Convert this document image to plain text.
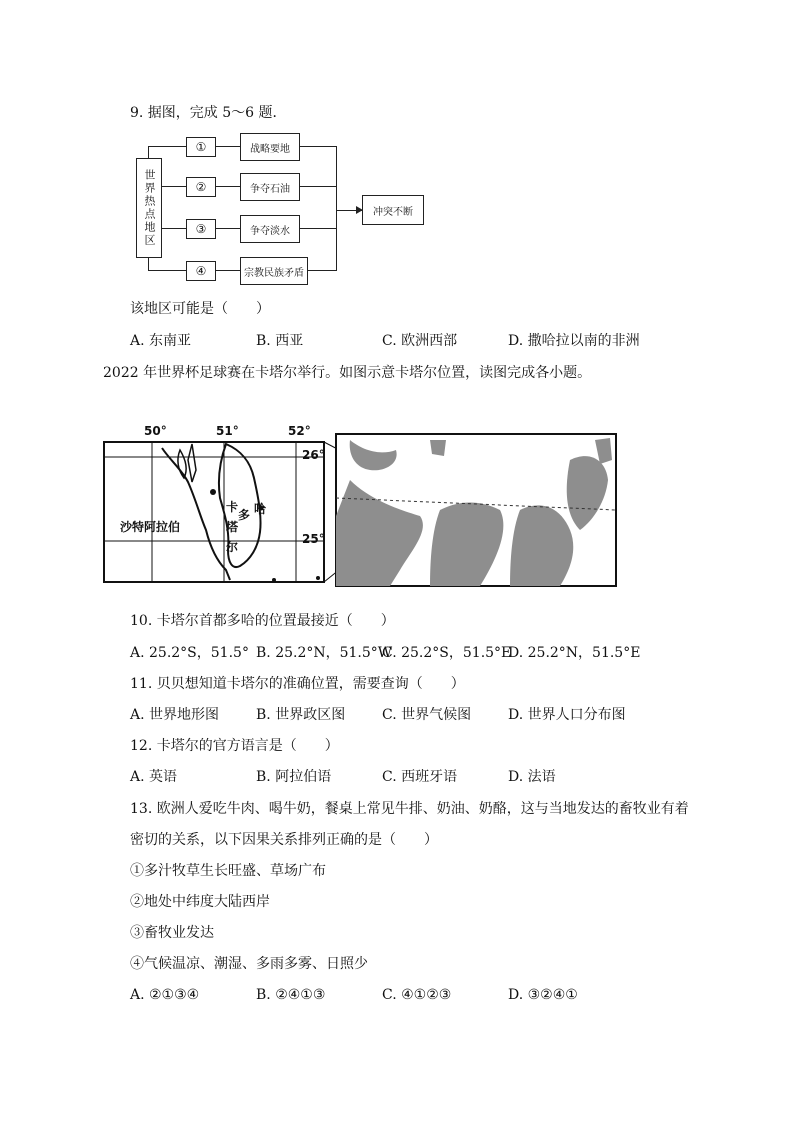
9. 据图，完成 5～6 题．
世界热点地区
①
②
③
④
战略要地
争夺石油
争夺淡水
宗教民族矛盾
冲突不断
该地区可能是（　　）
A. 东南亚	B. 西亚	C. 欧洲西部	D. 撒哈拉以南的非洲
2022 年世界杯足球赛在卡塔尔举行。如图示意卡塔尔位置，读图完成各小题。
50°	51°	52°
26°
25°
沙特阿拉伯
卡
塔
尔
多 哈
10. 卡塔尔首都多哈的位置最接近（　　）
A. 25.2°S，51.5° B. 25.2°N，51.5°W
C. 25.2°S，51.5°E
D. 25.2°N，51.5°E
11. 贝贝想知道卡塔尔的准确位置，需要查询（　　）
A. 世界地形图	B. 世界政区图	C. 世界气候图	D. 世界人口分布图
12. 卡塔尔的官方语言是（　　）
A. 英语	B. 阿拉伯语	C. 西班牙语	D. 法语
13. 欧洲人爱吃牛肉、喝牛奶，餐桌上常见牛排、奶油、奶酪，这与当地发达的畜牧业有着
密切的关系，以下因果关系排列正确的是（　　）
①多汁牧草生长旺盛、草场广布
②地处中纬度大陆西岸
③畜牧业发达
④气候温凉、潮湿、多雨多雾、日照少
A. ②①③④	B. ②④①③	C. ④①②③	D. ③②④①
